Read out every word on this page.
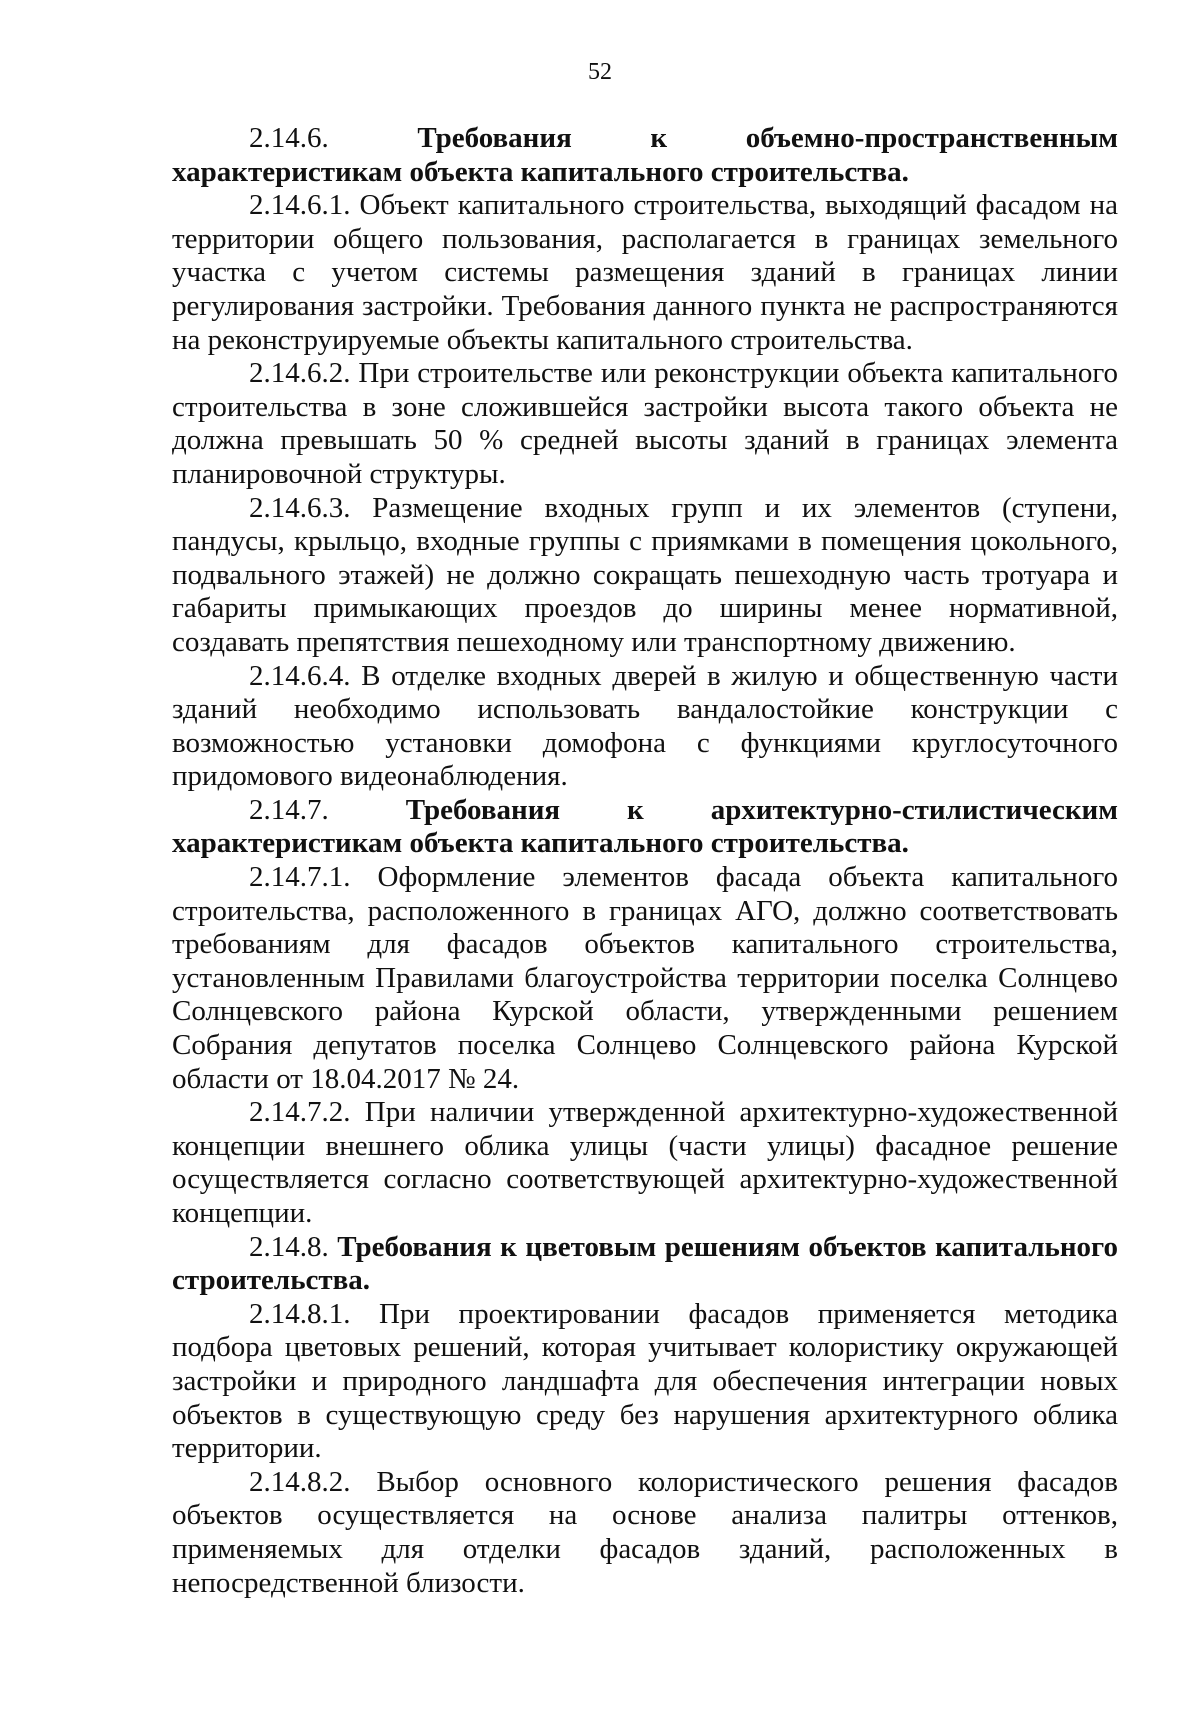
52

2.14.6.	Требования к объемно-пространственным
характеристикам объекта капитального строительства.

2.14.6.1. Объект капитального строительства, выходящий фасадом на территории общего пользования, располагается в границах земельного участка с учетом системы размещения зданий в границах линии регулирования застройки. Требования данного пункта не распространяются на реконструируемые объекты капитального строительства.

2.14.6.2. При строительстве или реконструкции объекта капитального строительства в зоне сложившейся застройки высота такого объекта не должна превышать 50 % средней высоты зданий в границах элемента планировочной структуры.

2.14.6.3. Размещение входных групп и их элементов (ступени, пандусы, крыльцо, входные группы с приямками в помещения цокольного, подвального этажей) не должно сокращать пешеходную часть тротуара и габариты примыкающих проездов до ширины менее нормативной, создавать препятствия пешеходному или транспортному движению.

2.14.6.4. В отделке входных дверей в жилую и общественную части зданий необходимо использовать вандалостойкие конструкции с возможностью установки домофона с функциями круглосуточного придомового видеонаблюдения.

2.14.7.	Требования к архитектурно-стилистическим
характеристикам объекта капитального строительства.

2.14.7.1. Оформление элементов фасада объекта капитального строительства, расположенного в границах АГО, должно соответствовать требованиям для фасадов объектов капитального строительства, установленным Правилами благоустройства территории поселка Солнцево Солнцевского района Курской области, утвержденными решением Собрания депутатов поселка Солнцево Солнцевского района Курской области от 18.04.2017 № 24.

2.14.7.2. При наличии утвержденной архитектурно-художественной концепции внешнего облика улицы (части улицы) фасадное решение осуществляется согласно соответствующей архитектурно-художественной концепции.

2.14.8. Требования к цветовым решениям объектов капитального строительства.

2.14.8.1. При проектировании фасадов применяется методика подбора цветовых решений, которая учитывает колористику окружающей застройки и природного ландшафта для обеспечения интеграции новых объектов в существующую среду без нарушения архитектурного облика территории.

2.14.8.2. Выбор основного колористического решения фасадов объектов осуществляется на основе анализа палитры оттенков, применяемых для отделки фасадов зданий, расположенных в непосредственной близости.
